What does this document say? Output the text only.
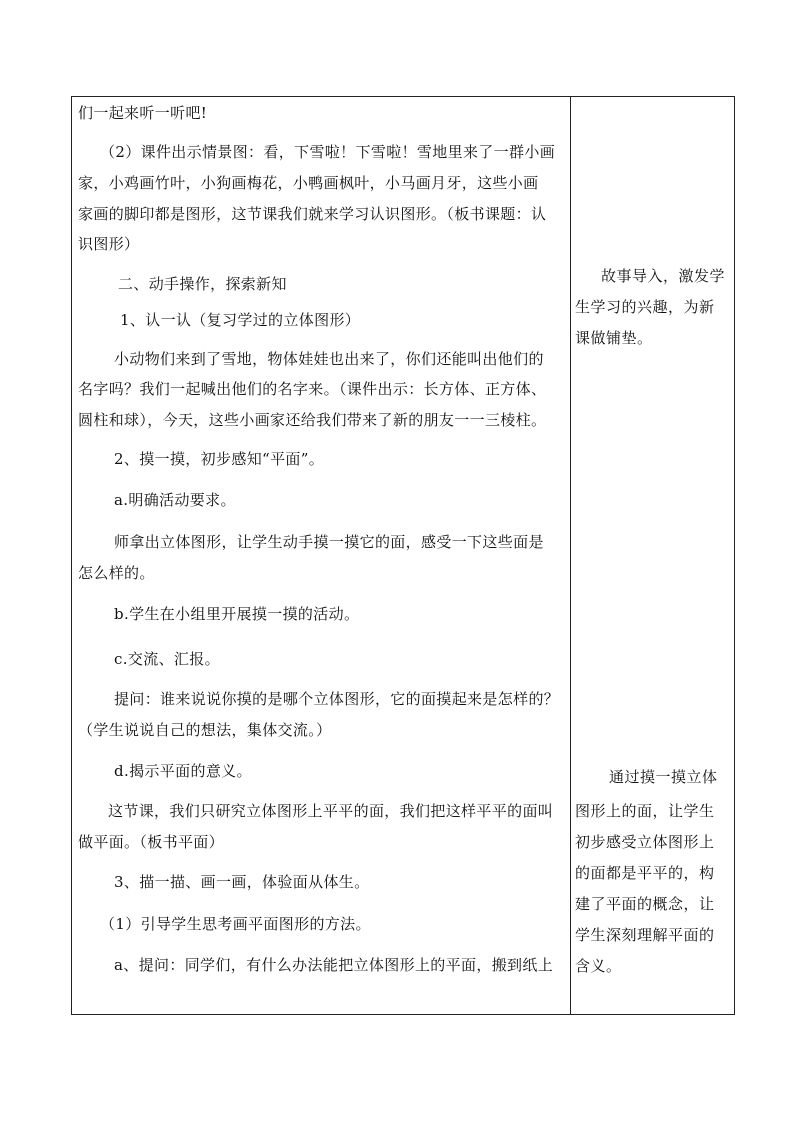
们一起来听一听吧!
（2）课件出示情景图：看，下雪啦！下雪啦！雪地里来了一群小画
家，小鸡画竹叶，小狗画梅花，小鸭画枫叶，小马画月牙，这些小画
家画的脚印都是图形，这节课我们就来学习认识图形。（板书课题：认
识图形）
二、动手操作，探索新知
1、认一认（复习学过的立体图形）
小动物们来到了雪地，物体娃娃也出来了，你们还能叫出他们的
名字吗？我们一起喊出他们的名字来。（课件出示：长方体、正方体、
圆柱和球），今天，这些小画家还给我们带来了新的朋友一一三棱柱。
2、摸一摸，初步感知“平面”。
a.明确活动要求。
师拿出立体图形，让学生动手摸一摸它的面，感受一下这些面是
怎么样的。
b.学生在小组里开展摸一摸的活动。
c.交流、汇报。
提问：谁来说说你摸的是哪个立体图形，它的面摸起来是怎样的？
（学生说说自己的想法，集体交流。）
d.揭示平面的意义。
这节课，我们只研究立体图形上平平的面，我们把这样平平的面叫
做平面。（板书平面）
3、描一描、画一画，体验面从体生。
（1）引导学生思考画平面图形的方法。
a、提问：同学们，有什么办法能把立体图形上的平面，搬到纸上
故事导入，激发学
生学习的兴趣，为新
课做铺垫。
通过摸一摸立体
图形上的面，让学生
初步感受立体图形上
的面都是平平的，构
建了平面的概念，让
学生深刻理解平面的
含义。
